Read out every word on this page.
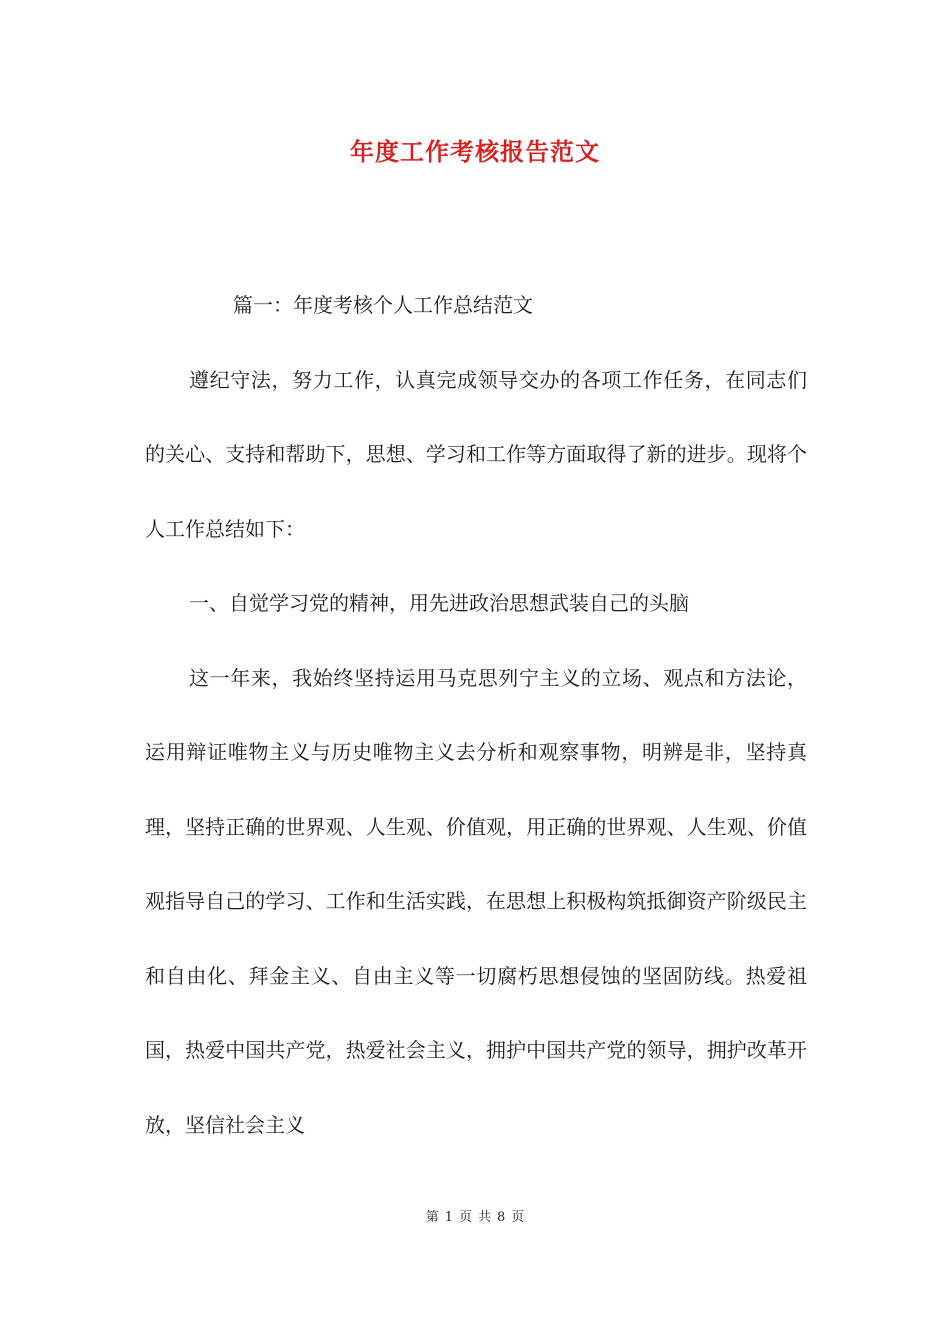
年度工作考核报告范文

篇一：年度考核个人工作总结范文

遵纪守法，努力工作，认真完成领导交办的各项工作任务，在同志们的关心、支持和帮助下，思想、学习和工作等方面取得了新的进步。现将个人工作总结如下：

一、自觉学习党的精神，用先进政治思想武装自己的头脑

这一年来，我始终坚持运用马克思列宁主义的立场、观点和方法论，运用辩证唯物主义与历史唯物主义去分析和观察事物，明辨是非，坚持真理，坚持正确的世界观、人生观、价值观，用正确的世界观、人生观、价值观指导自己的学习、工作和生活实践，在思想上积极构筑抵御资产阶级民主和自由化、拜金主义、自由主义等一切腐朽思想侵蚀的坚固防线。热爱祖国，热爱中国共产党，热爱社会主义，拥护中国共产党的领导，拥护改革开放，坚信社会主义

第 1 页 共 8 页
